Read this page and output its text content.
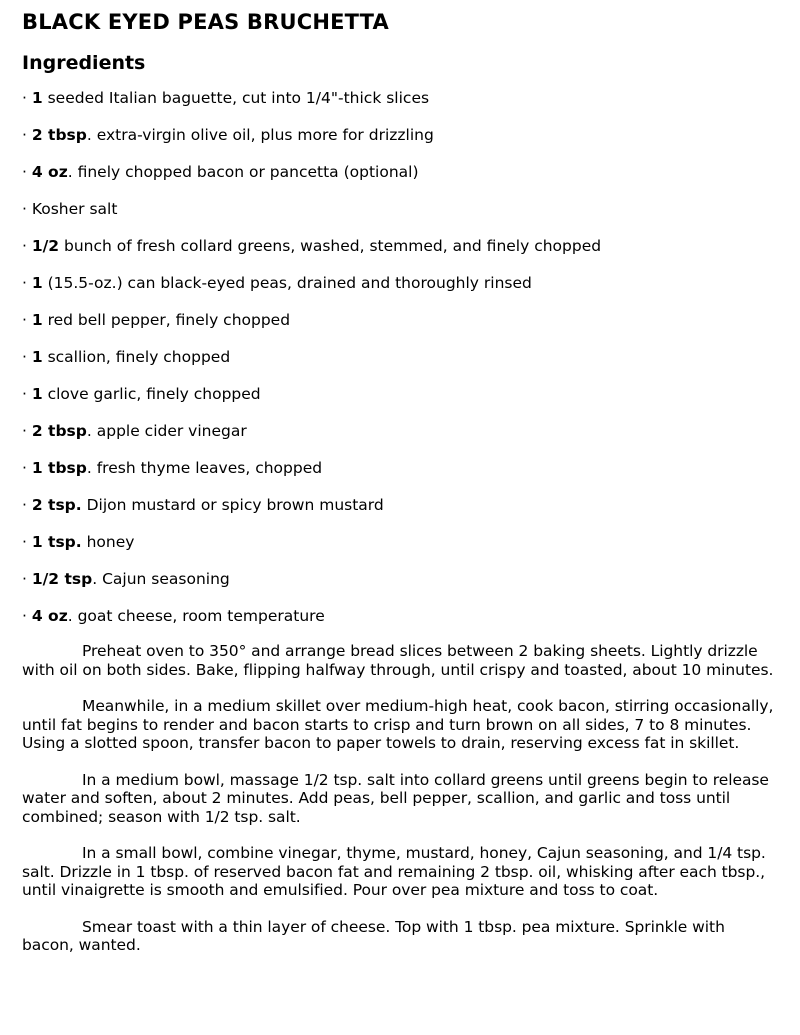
BLACK EYED PEAS BRUCHETTA
Ingredients
· 1 seeded Italian baguette, cut into 1/4"-thick slices
· 2 tbsp. extra-virgin olive oil, plus more for drizzling
· 4 oz. finely chopped bacon or pancetta (optional)
· Kosher salt
· 1/2 bunch of fresh collard greens, washed, stemmed, and finely chopped
· 1 (15.5-oz.) can black-eyed peas, drained and thoroughly rinsed
· 1 red bell pepper, finely chopped
· 1 scallion, finely chopped
· 1 clove garlic, finely chopped
· 2 tbsp. apple cider vinegar
· 1 tbsp. fresh thyme leaves, chopped
· 2 tsp. Dijon mustard or spicy brown mustard
· 1 tsp. honey
· 1/2 tsp. Cajun seasoning
· 4 oz. goat cheese, room temperature

Preheat oven to 350° and arrange bread slices between 2 baking sheets. Lightly drizzle with oil on both sides. Bake, flipping halfway through, until crispy and toasted, about 10 minutes.

Meanwhile, in a medium skillet over medium-high heat, cook bacon, stirring occasionally, until fat begins to render and bacon starts to crisp and turn brown on all sides, 7 to 8 minutes. Using a slotted spoon, transfer bacon to paper towels to drain, reserving excess fat in skillet.

In a medium bowl, massage 1/2 tsp. salt into collard greens until greens begin to release water and soften, about 2 minutes. Add peas, bell pepper, scallion, and garlic and toss until combined; season with 1/2 tsp. salt.

In a small bowl, combine vinegar, thyme, mustard, honey, Cajun seasoning, and 1/4 tsp. salt. Drizzle in 1 tbsp. of reserved bacon fat and remaining 2 tbsp. oil, whisking after each tbsp., until vinaigrette is smooth and emulsified. Pour over pea mixture and toss to coat.

Smear toast with a thin layer of cheese. Top with 1 tbsp. pea mixture. Sprinkle with bacon, wanted.
